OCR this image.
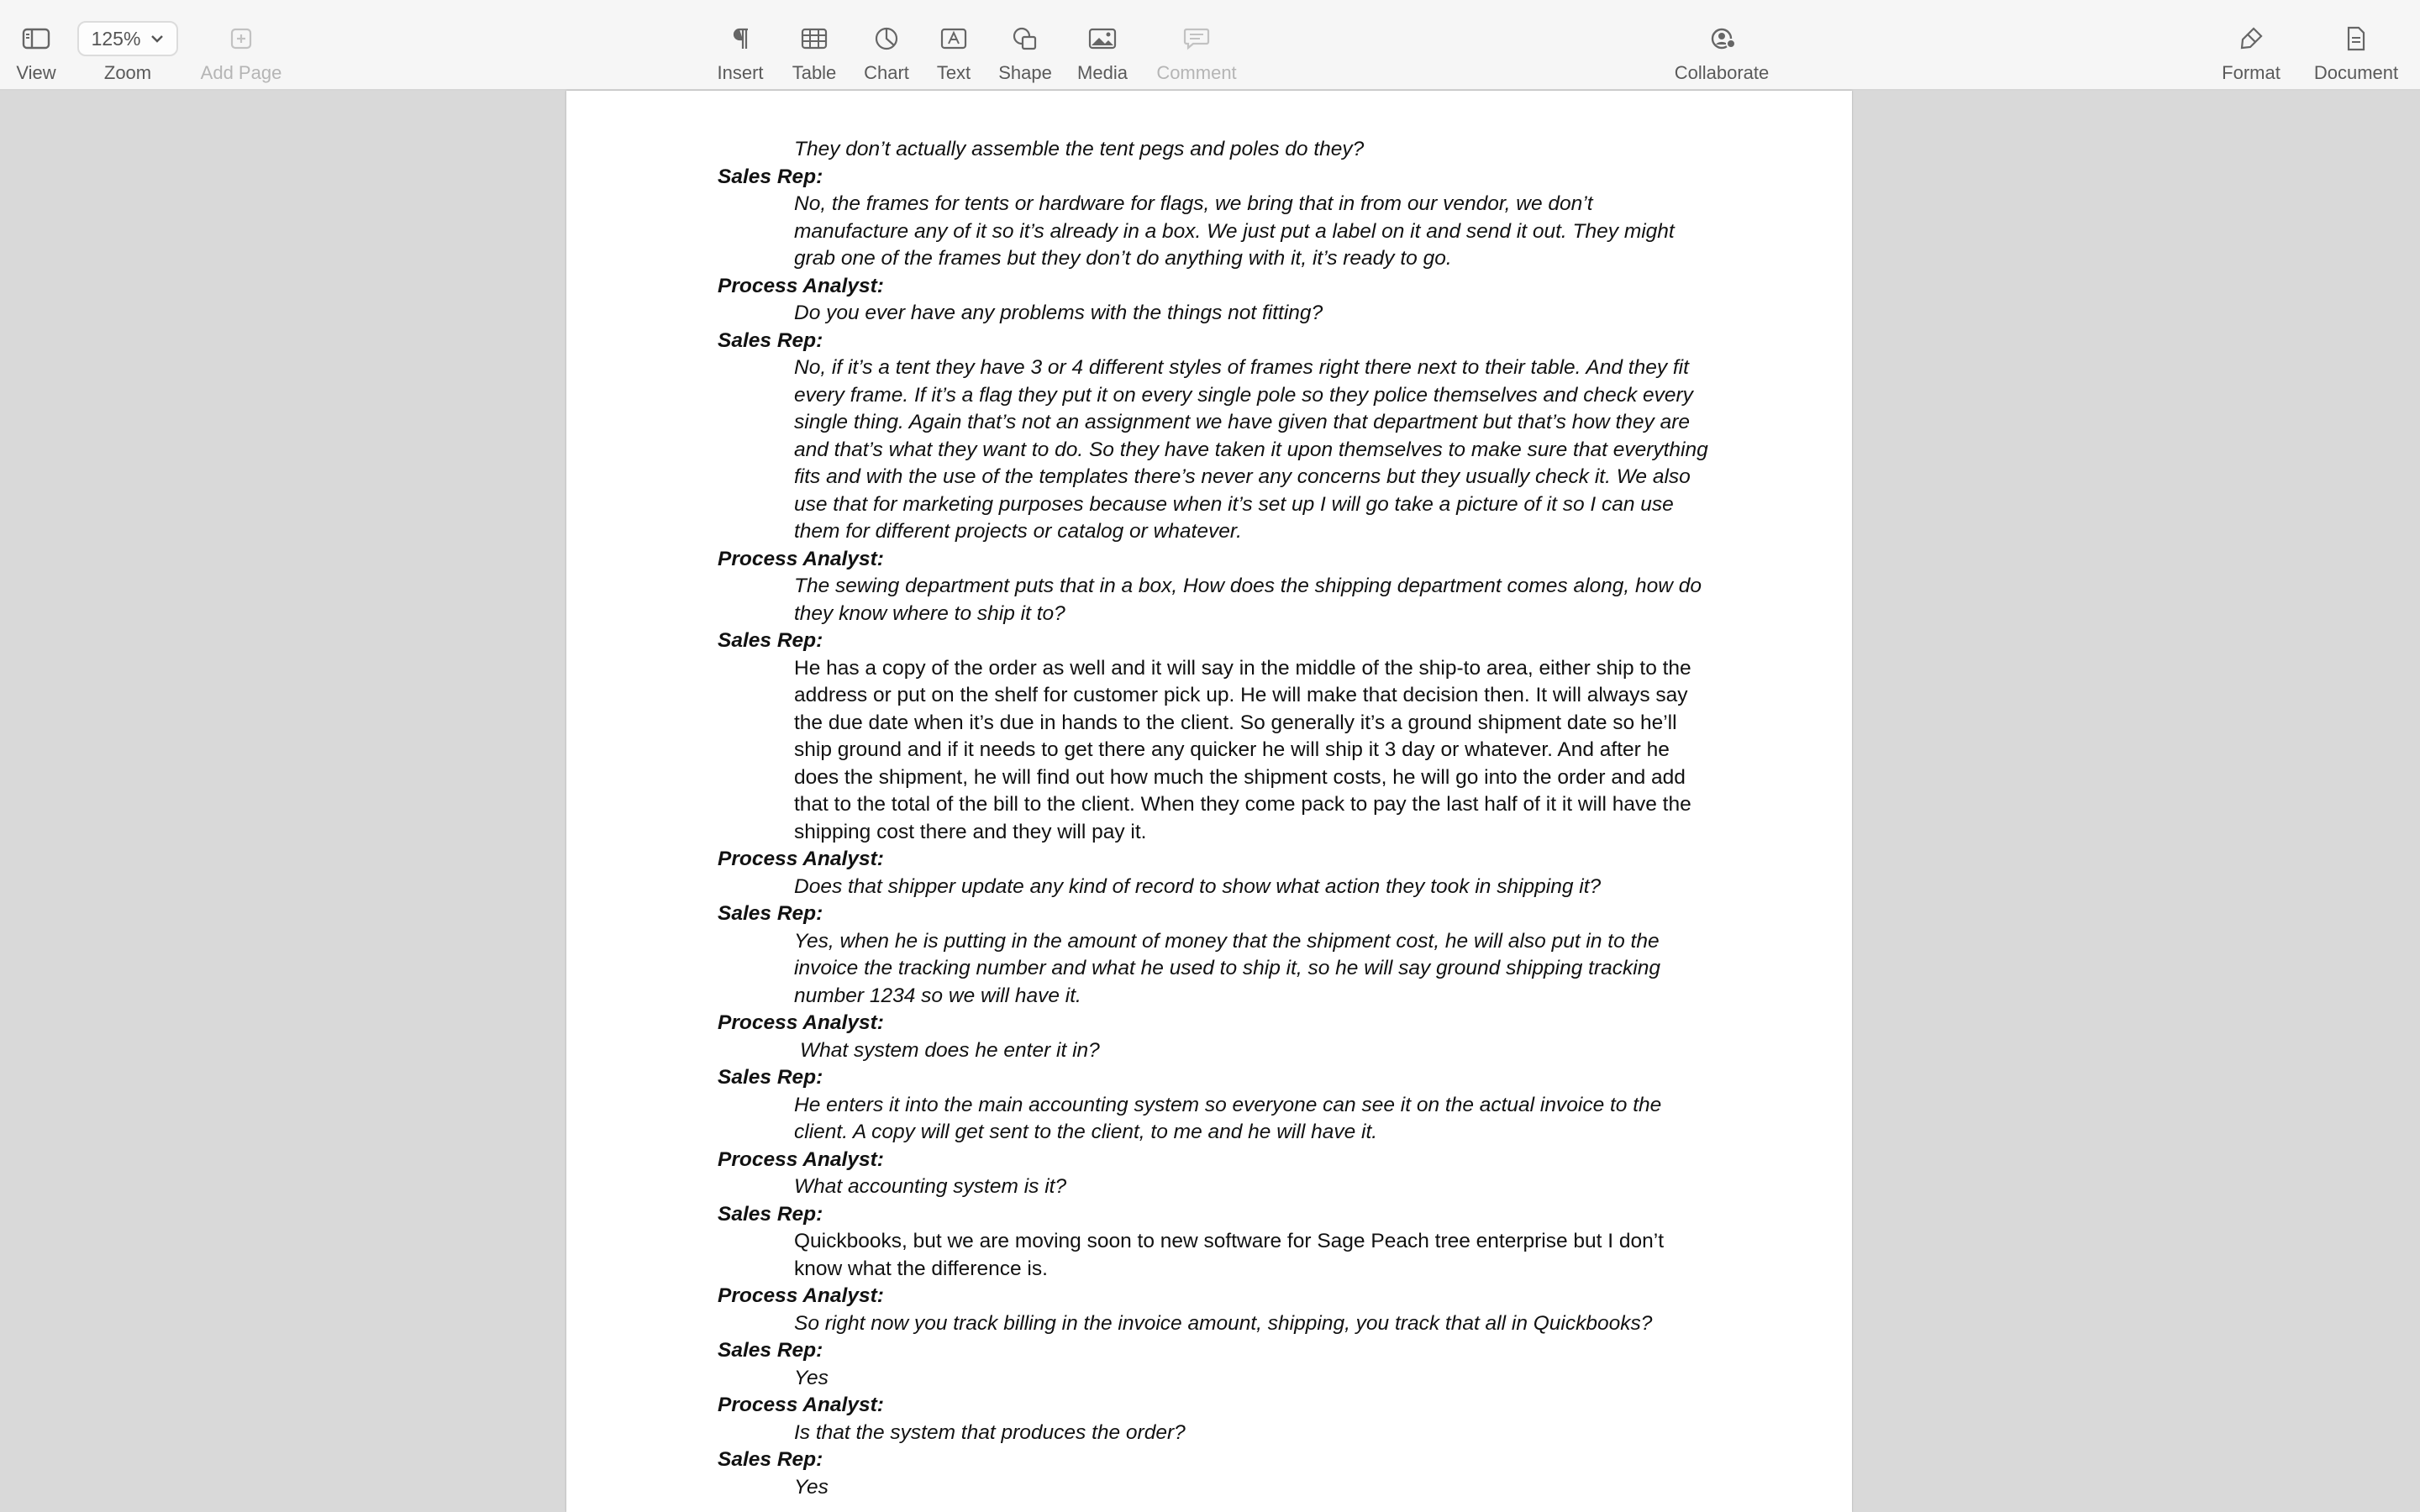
View
125%
Zoom	Add Page	Insert Table Chart Text Shape Media Comment	Collaborate	Format Document
They don’t actually assemble the tent pegs and poles do they?
Sales Rep:
No, the frames for tents or hardware for flags, we bring that in from our vendor, we don’t manufacture any of it so it’s already in a box. We just put a label on it and send it out. They might grab one of the frames but they don’t do anything with it, it’s ready to go.
Process Analyst:
Do you ever have any problems with the things not fitting?
Sales Rep:
No, if it’s a tent they have 3 or 4 different styles of frames right there next to their table. And they fit every frame. If it’s a flag they put it on every single pole so they police themselves and check every single thing. Again that’s not an assignment we have given that department but that’s how they are and that’s what they want to do. So they have taken it upon themselves to make sure that everything fits and with the use of the templates there’s never any concerns but they usually check it. We also use that for marketing purposes because when it’s set up I will go take a picture of it so I can use them for different projects or catalog or whatever.
Process Analyst:
The sewing department puts that in a box, How does the shipping department comes along, how do they know where to ship it to?
Sales Rep:
He has a copy of the order as well and it will say in the middle of the ship-to area, either ship to the address or put on the shelf for customer pick up. He will make that decision then. It will always say the due date when it’s due in hands to the client. So generally it’s a ground shipment date so he’ll ship ground and if it needs to get there any quicker he will ship it 3 day or whatever. And after he does the shipment, he will find out how much the shipment costs, he will go into the order and add that to the total of the bill to the client. When they come pack to pay the last half of it it will have the shipping cost there and they will pay it.
Process Analyst:
Does that shipper update any kind of record to show what action they took in shipping it?
Sales Rep:
Yes, when he is putting in the amount of money that the shipment cost, he will also put in to the invoice the tracking number and what he used to ship it, so he will say ground shipping tracking number 1234 so we will have it.
Process Analyst:
What system does he enter it in?
Sales Rep:
He enters it into the main accounting system so everyone can see it on the actual invoice to the client. A copy will get sent to the client, to me and he will have it.
Process Analyst:
What accounting system is it?
Sales Rep:
Quickbooks, but we are moving soon to new software for Sage Peach tree enterprise but I don’t know what the difference is.
Process Analyst:
So right now you track billing in the invoice amount, shipping, you track that all in Quickbooks?
Sales Rep:
Yes
Process Analyst:
Is that the system that produces the order?
Sales Rep:
Yes
